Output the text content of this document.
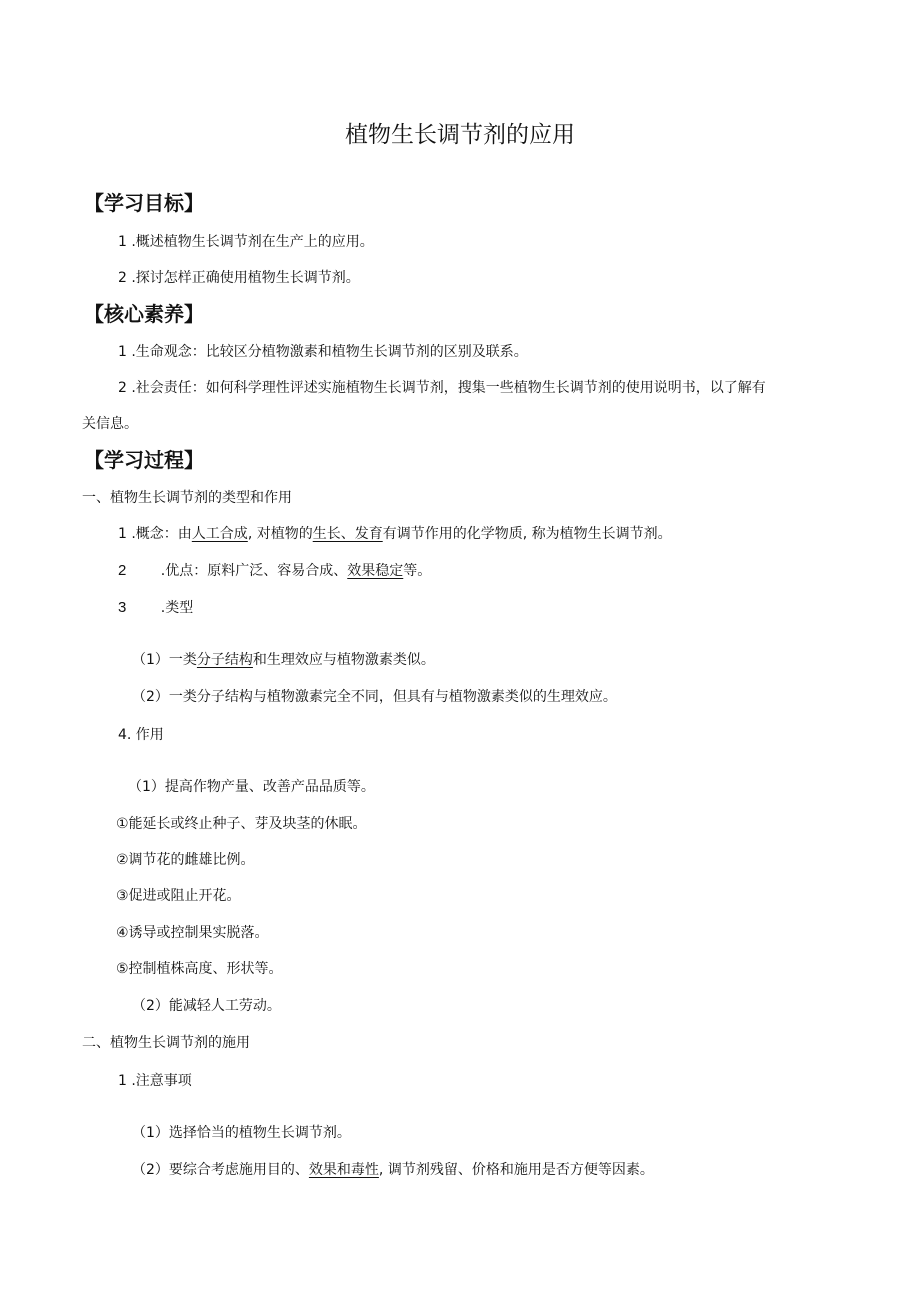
植物生长调节剂的应用
【学习目标】
1 .概述植物生长调节剂在生产上的应用。
2 .探讨怎样正确使用植物生长调节剂。
【核心素养】
1 .生命观念：比较区分植物激素和植物生长调节剂的区别及联系。
2 .社会责任：如何科学理性评述实施植物生长调节剂，搜集一些植物生长调节剂的使用说明书，以了解有
关信息。
【学习过程】
一、植物生长调节剂的类型和作用
1 .概念：由人工合成, 对植物的生长、发育有调节作用的化学物质, 称为植物生长调节剂。
2 .优点：原料广泛、容易合成、效果稳定等。
3 .类型
（1）一类分子结构和生理效应与植物激素类似。
（2）一类分子结构与植物激素完全不同，但具有与植物激素类似的生理效应。
4. 作用
（1）提高作物产量、改善产品品质等。
①能延长或终止种子、芽及块茎的休眠。
②调节花的雌雄比例。
③促进或阻止开花。
④诱导或控制果实脱落。
⑤控制植株高度、形状等。
（2）能减轻人工劳动。
二、植物生长调节剂的施用
1 .注意事项
（1）选择恰当的植物生长调节剂。
（2）要综合考虑施用目的、效果和毒性, 调节剂残留、价格和施用是否方便等因素。
